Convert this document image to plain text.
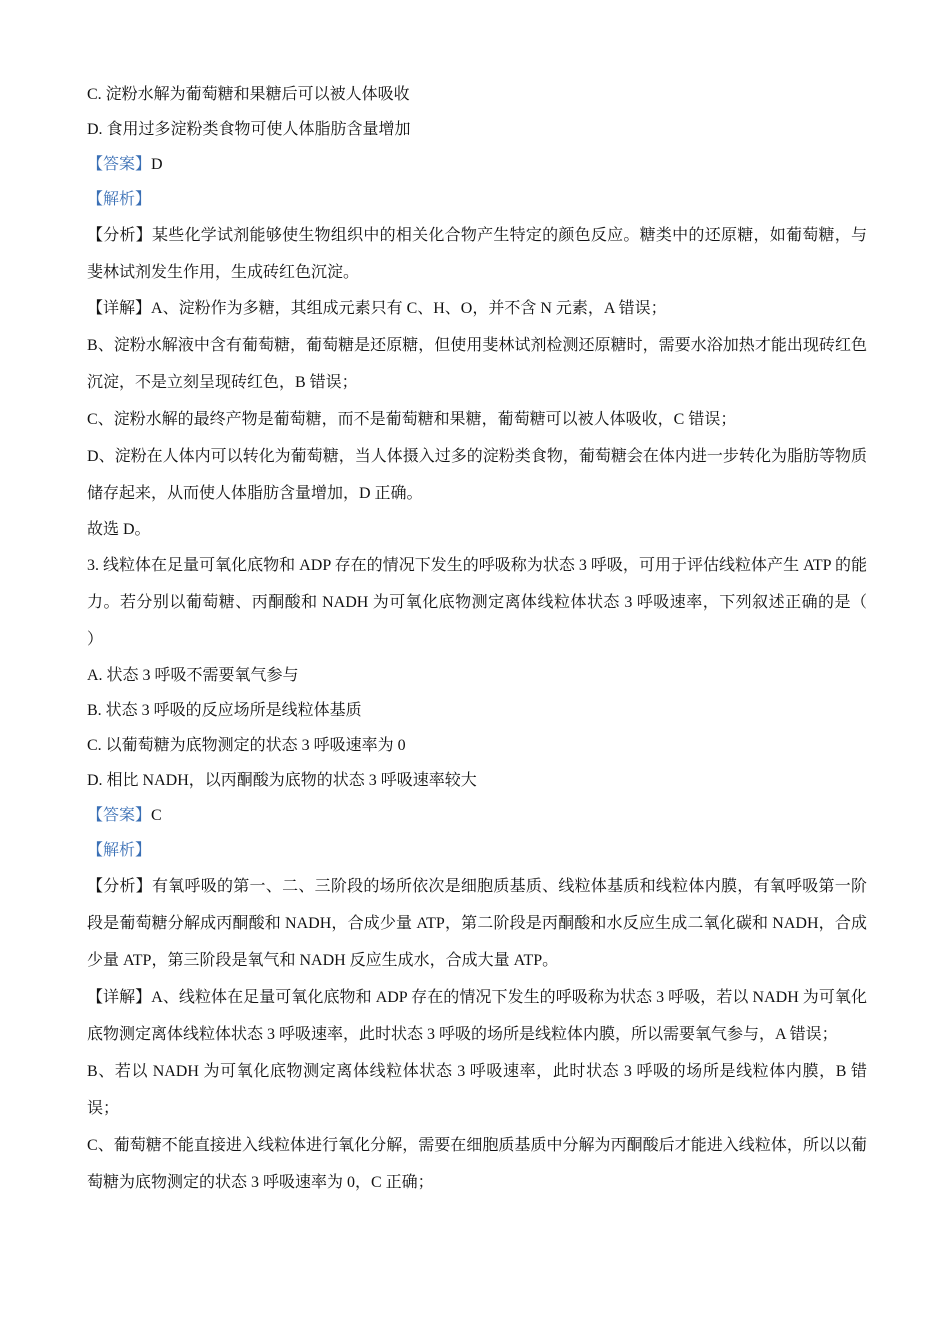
C. 淀粉水解为葡萄糖和果糖后可以被人体吸收
D. 食用过多淀粉类食物可使人体脂肪含量增加
【答案】D
【解析】
【分析】某些化学试剂能够使生物组织中的相关化合物产生特定的颜色反应。糖类中的还原糖，如葡萄糖，与斐林试剂发生作用，生成砖红色沉淀。
【详解】A、淀粉作为多糖，其组成元素只有 C、H、O，并不含 N 元素，A 错误；
B、淀粉水解液中含有葡萄糖，葡萄糖是还原糖，但使用斐林试剂检测还原糖时，需要水浴加热才能出现砖红色沉淀，不是立刻呈现砖红色，B 错误；
C、淀粉水解的最终产物是葡萄糖，而不是葡萄糖和果糖，葡萄糖可以被人体吸收，C 错误；
D、淀粉在人体内可以转化为葡萄糖，当人体摄入过多的淀粉类食物，葡萄糖会在体内进一步转化为脂肪等物质储存起来，从而使人体脂肪含量增加，D 正确。
故选 D。
3. 线粒体在足量可氧化底物和 ADP 存在的情况下发生的呼吸称为状态 3 呼吸，可用于评估线粒体产生 ATP 的能力。若分别以葡萄糖、丙酮酸和 NADH 为可氧化底物测定离体线粒体状态 3 呼吸速率，下列叙述正确的是（　　）
A. 状态 3 呼吸不需要氧气参与
B. 状态 3 呼吸的反应场所是线粒体基质
C. 以葡萄糖为底物测定的状态 3 呼吸速率为 0
D. 相比 NADH，以丙酮酸为底物的状态 3 呼吸速率较大
【答案】C
【解析】
【分析】有氧呼吸的第一、二、三阶段的场所依次是细胞质基质、线粒体基质和线粒体内膜，有氧呼吸第一阶段是葡萄糖分解成丙酮酸和 NADH，合成少量 ATP，第二阶段是丙酮酸和水反应生成二氧化碳和 NADH，合成少量 ATP，第三阶段是氧气和 NADH 反应生成水，合成大量 ATP。
【详解】A、线粒体在足量可氧化底物和 ADP 存在的情况下发生的呼吸称为状态 3 呼吸，若以 NADH 为可氧化底物测定离体线粒体状态 3 呼吸速率，此时状态 3 呼吸的场所是线粒体内膜，所以需要氧气参与，A 错误；
B、若以 NADH 为可氧化底物测定离体线粒体状态 3 呼吸速率，此时状态 3 呼吸的场所是线粒体内膜，B 错误；
C、葡萄糖不能直接进入线粒体进行氧化分解，需要在细胞质基质中分解为丙酮酸后才能进入线粒体，所以以葡萄糖为底物测定的状态 3 呼吸速率为 0，C 正确；
